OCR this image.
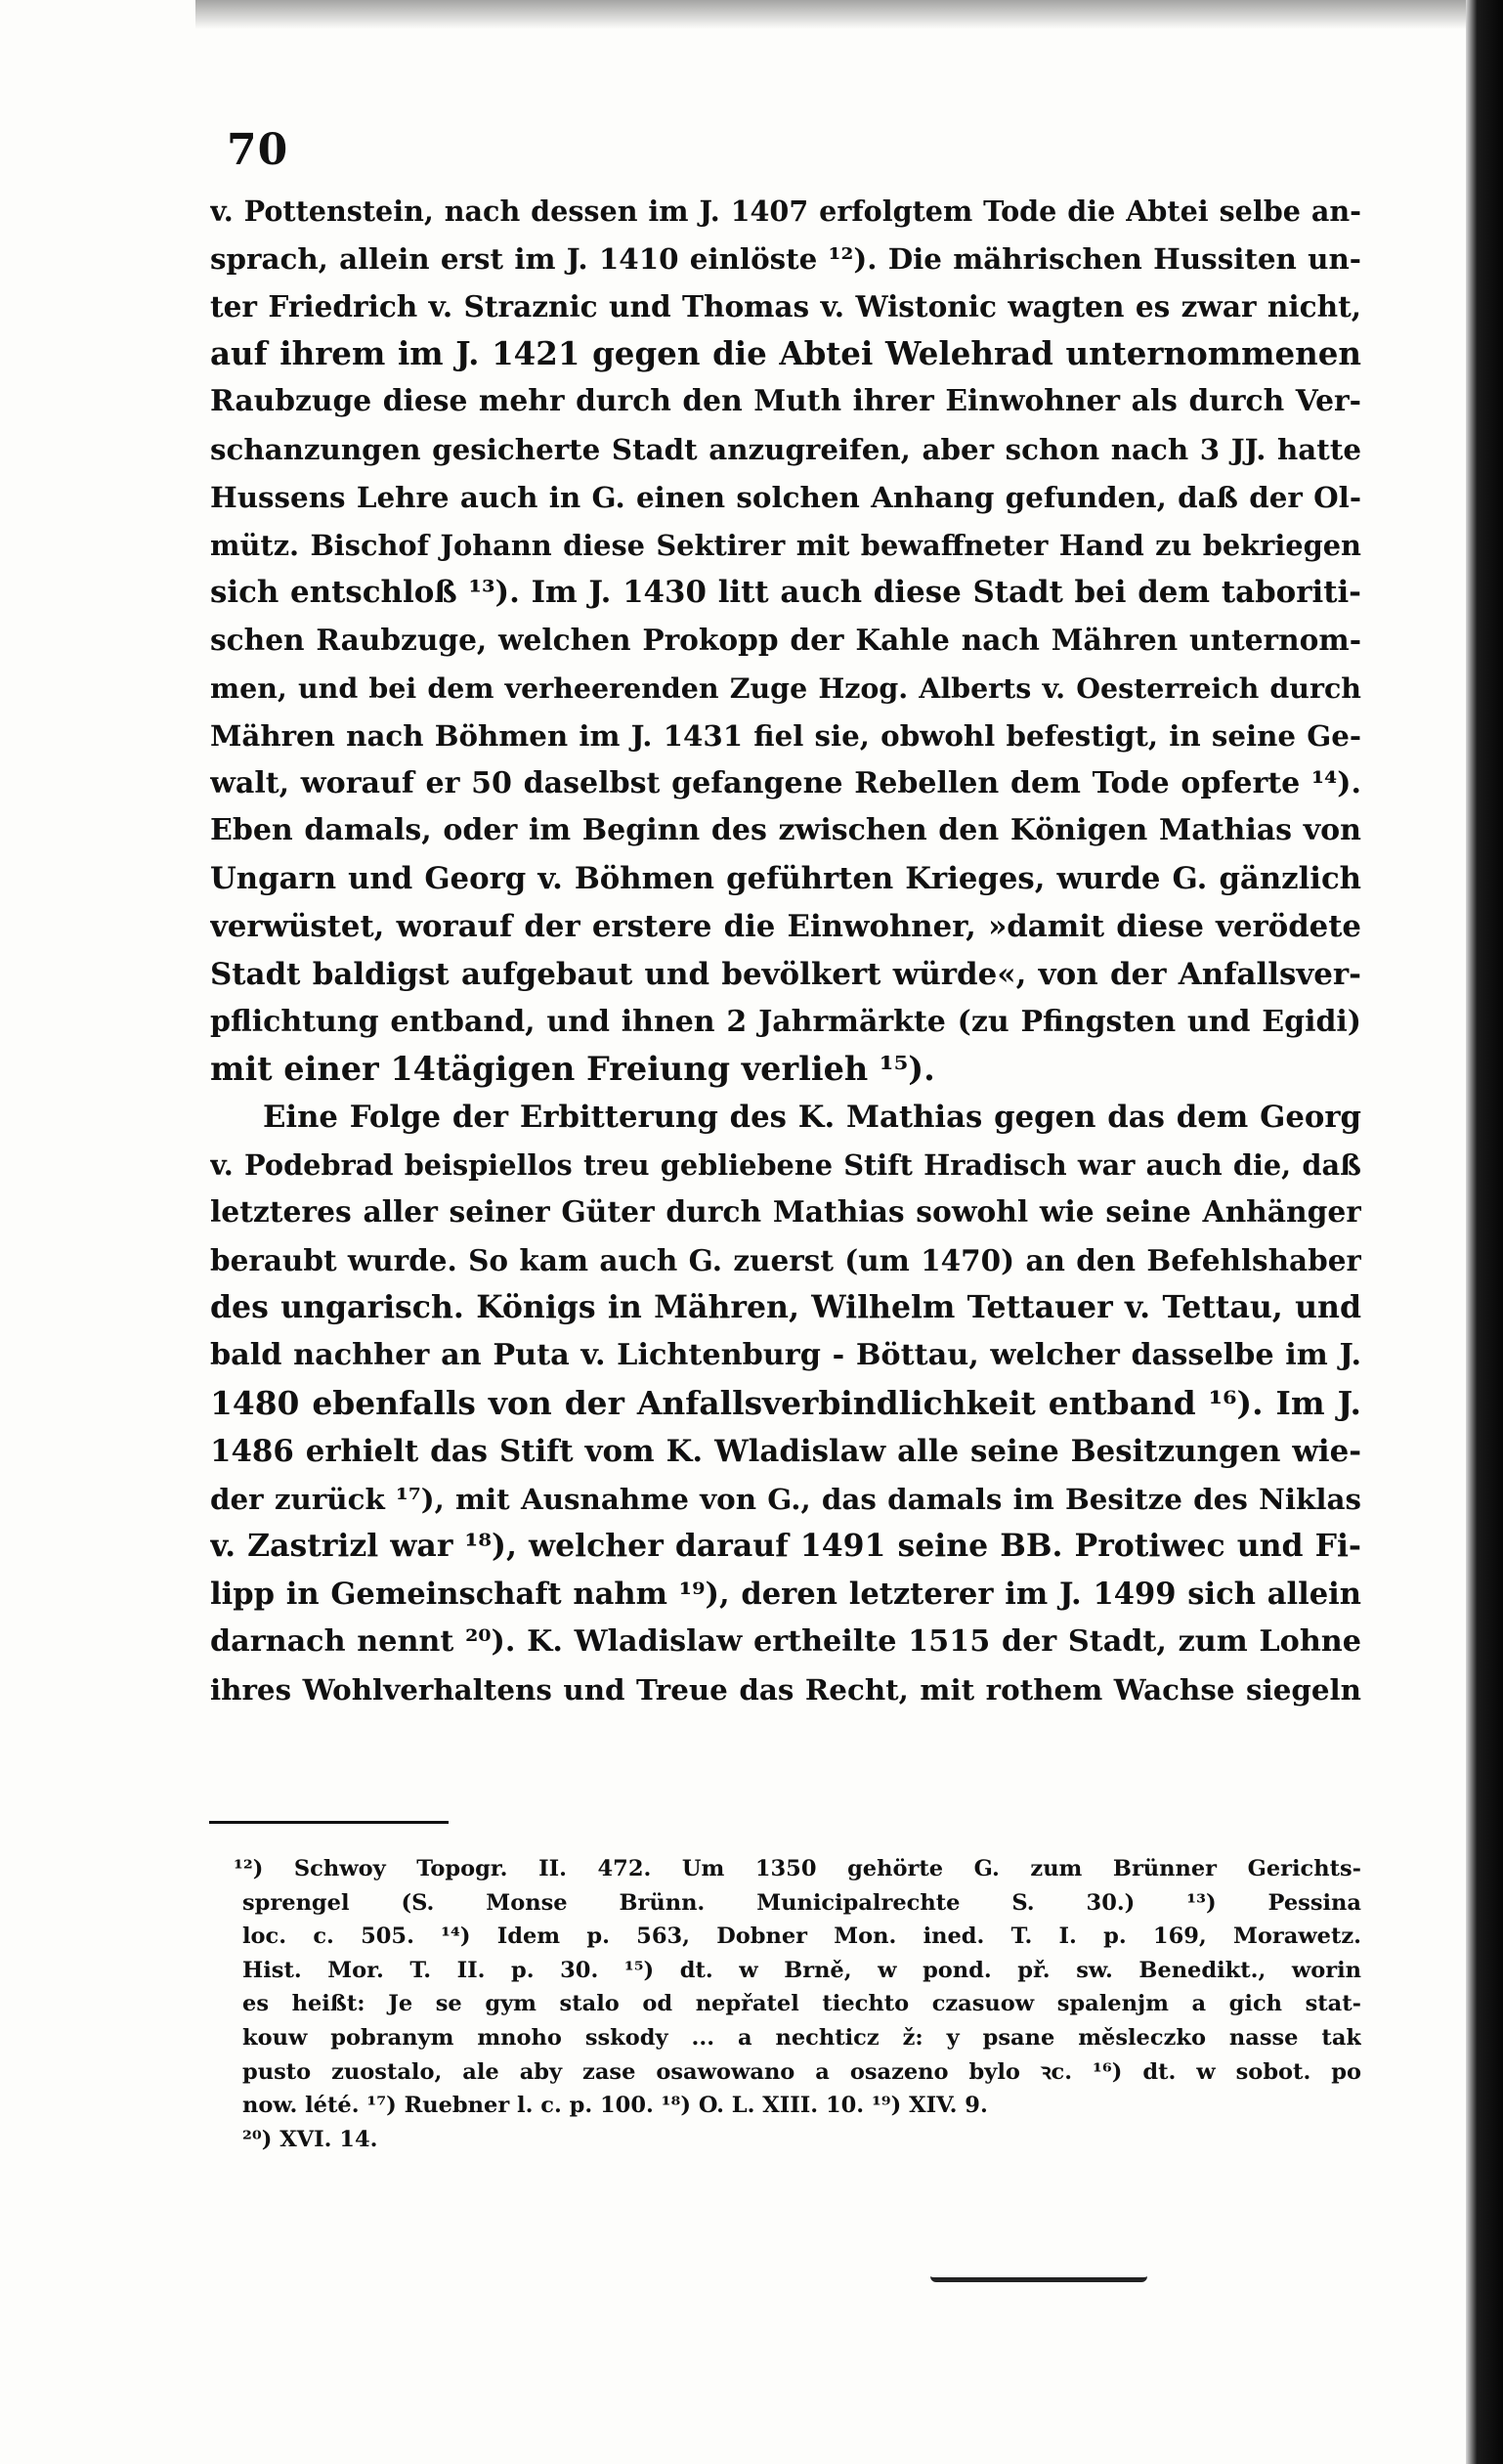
70
v. Pottenstein, nach dessen im J. 1407 erfolgtem Tode die Abtei selbe an-
sprach, allein erst im J. 1410 einlöste ¹²). Die mährischen Hussiten un-
ter Friedrich v. Straznic und Thomas v. Wistonic wagten es zwar nicht,
auf ihrem im J. 1421 gegen die Abtei Welehrad unternommenen
Raubzuge diese mehr durch den Muth ihrer Einwohner als durch Ver-
schanzungen gesicherte Stadt anzugreifen, aber schon nach 3 JJ. hatte
Hussens Lehre auch in G. einen solchen Anhang gefunden, daß der Ol-
mütz. Bischof Johann diese Sektirer mit bewaffneter Hand zu bekriegen
sich entschloß ¹³). Im J. 1430 litt auch diese Stadt bei dem taboriti-
schen Raubzuge, welchen Prokopp der Kahle nach Mähren unternom-
men, und bei dem verheerenden Zuge Hzog. Alberts v. Oesterreich durch
Mähren nach Böhmen im J. 1431 fiel sie, obwohl befestigt, in seine Ge-
walt, worauf er 50 daselbst gefangene Rebellen dem Tode opferte ¹⁴).
Eben damals, oder im Beginn des zwischen den Königen Mathias von
Ungarn und Georg v. Böhmen geführten Krieges, wurde G. gänzlich
verwüstet, worauf der erstere die Einwohner, »damit diese verödete
Stadt baldigst aufgebaut und bevölkert würde«, von der Anfallsver-
pflichtung entband, und ihnen 2 Jahrmärkte (zu Pfingsten und Egidi)
mit einer 14tägigen Freiung verlieh ¹⁵).
Eine Folge der Erbitterung des K. Mathias gegen das dem Georg
v. Podebrad beispiellos treu gebliebene Stift Hradisch war auch die, daß
letzteres aller seiner Güter durch Mathias sowohl wie seine Anhänger
beraubt wurde. So kam auch G. zuerst (um 1470) an den Befehlshaber
des ungarisch. Königs in Mähren, Wilhelm Tettauer v. Tettau, und
bald nachher an Puta v. Lichtenburg - Böttau, welcher dasselbe im J.
1480 ebenfalls von der Anfallsverbindlichkeit entband ¹⁶). Im J.
1486 erhielt das Stift vom K. Wladislaw alle seine Besitzungen wie-
der zurück ¹⁷), mit Ausnahme von G., das damals im Besitze des Niklas
v. Zastrizl war ¹⁸), welcher darauf 1491 seine BB. Protiwec und Fi-
lipp in Gemeinschaft nahm ¹⁹), deren letzterer im J. 1499 sich allein
darnach nennt ²⁰). K. Wladislaw ertheilte 1515 der Stadt, zum Lohne
ihres Wohlverhaltens und Treue das Recht, mit rothem Wachse siegeln
¹²) Schwoy Topogr. II. 472. Um 1350 gehörte G. zum Brünner Gerichts-
sprengel (S. Monse Brünn. Municipalrechte S. 30.) ¹³) Pessina
loc. c. 505. ¹⁴) Idem p. 563, Dobner Mon. ined. T. I. p. 169, Morawetz.
Hist. Mor. T. II. p. 30. ¹⁵) dt. w Brně, w pond. př. sw. Benedikt., worin
es heißt: Je se gym stalo od nepřatel tiechto czasuow spalenjm a gich stat-
kouw pobranym mnoho sskody ... a nechticz ž: y psane měsleczko nasse tak
pusto zuostalo, ale aby zase osawowano a osazeno bylo ꝛc. ¹⁶) dt. w sobot. po
now. lété. ¹⁷) Ruebner l. c. p. 100. ¹⁸) O. L. XIII. 10. ¹⁹) XIV. 9.
²⁰) XVI. 14.
